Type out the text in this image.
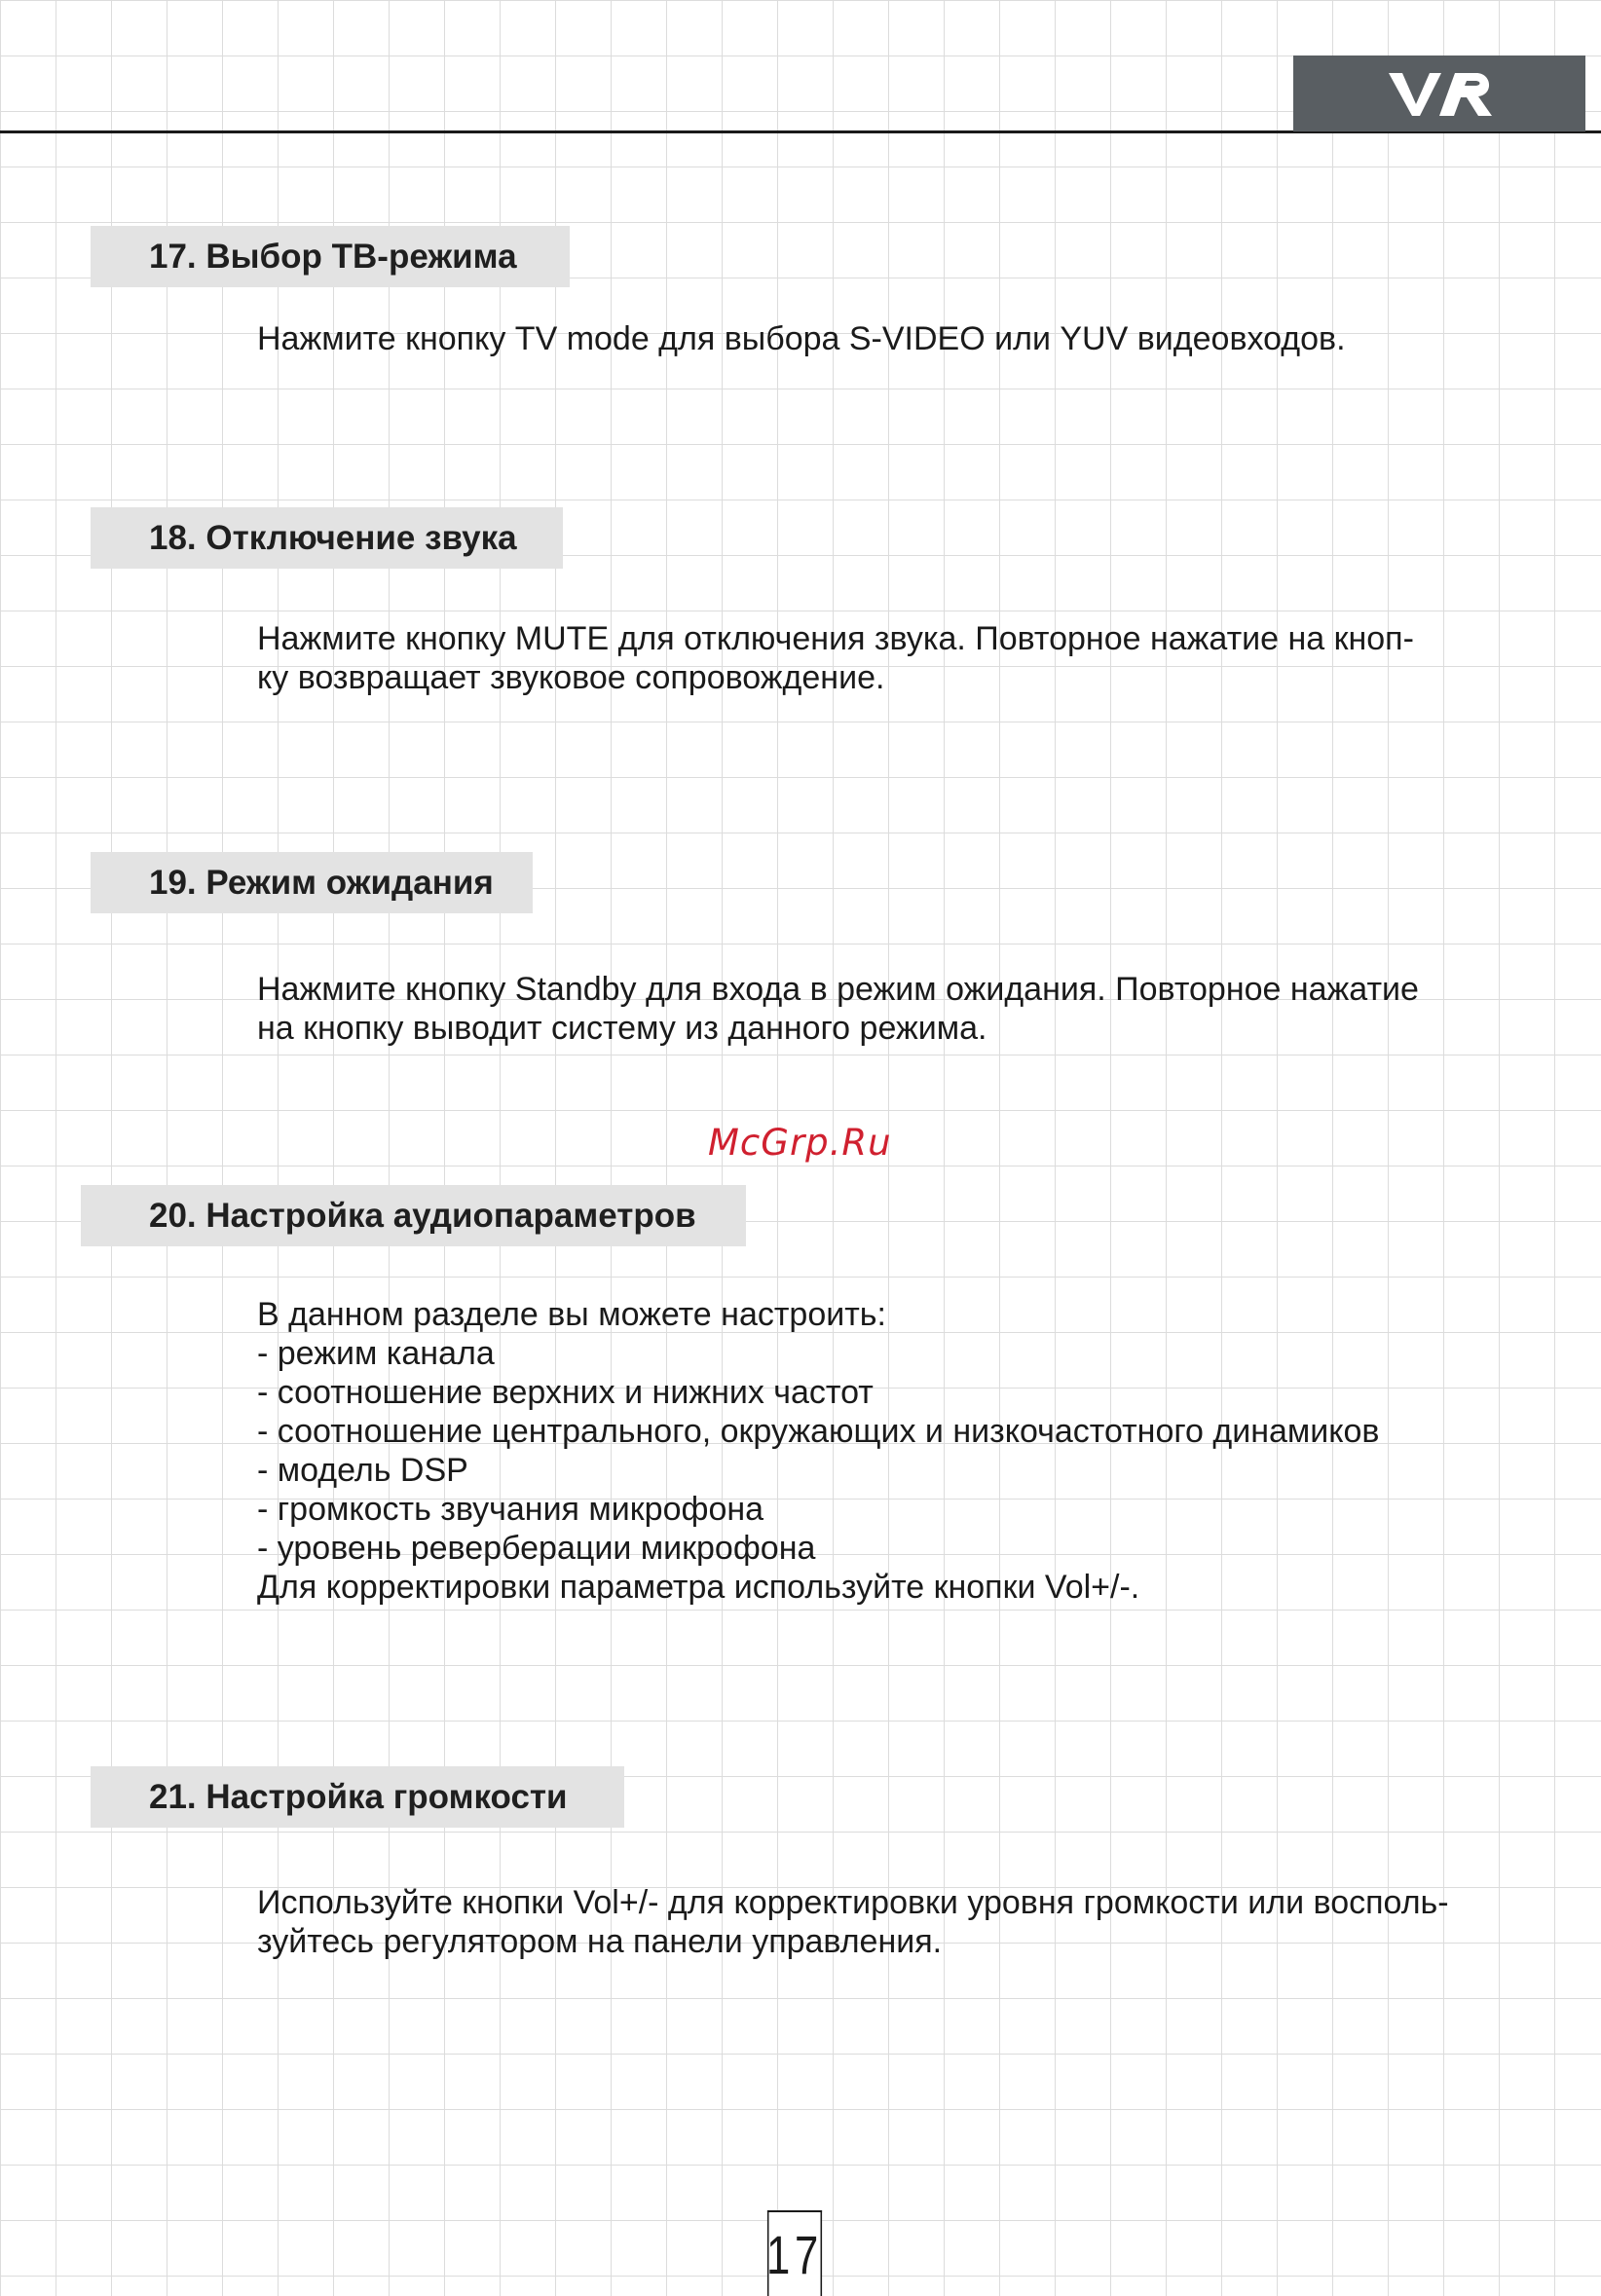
17. Выбор ТВ-режима

Нажмите кнопку TV mode для выбора S-VIDEO или YUV видеовходов.

18. Отключение звука

Нажмите кнопку MUTE для отключения звука. Повторное нажатие на кноп-

ку возвращает звуковое сопровождение.

19. Режим ожидания

Нажмите кнопку Standby для входа в режим ожидания. Повторное нажатие

на кнопку выводит систему из данного режима.

McGrp.Ru
20. Настройка аудиопараметров

В данном разделе вы можете настроить:

- режим канала
- соотношение верхних и нижних частот
- соотношение центрального, окружающих и низкочастотного динамиков
- модель DSP
- громкость звучания микрофона
- уровень реверберации микрофона

Для корректировки параметра используйте кнопки Vol+/-.

21. Настройка громкости

Используйте кнопки Vol+/- для корректировки уровня громкости или восполь-

зуйтесь регулятором на панели управления.

17
